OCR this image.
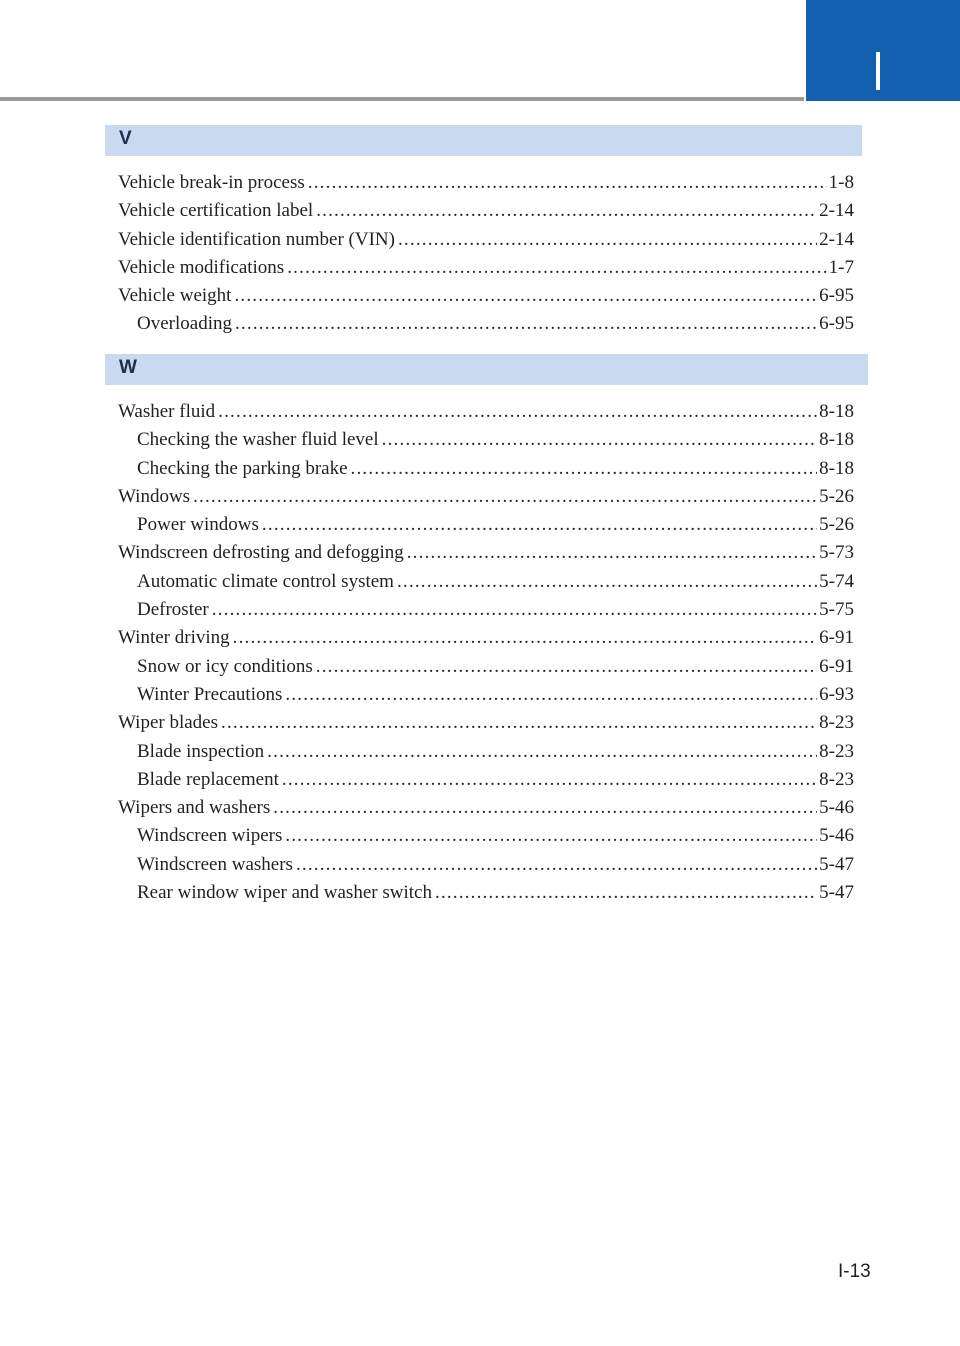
V
Vehicle break-in process .....	1-8
Vehicle certification label .....	2-14
Vehicle identification number (VIN) .....	2-14
Vehicle modifications .....	1-7
Vehicle weight .....	6-95
Overloading .....	6-95
W
Washer fluid .....	8-18
Checking the washer fluid level .....	8-18
Checking the parking brake .....	8-18
Windows .....	5-26
Power windows .....	5-26
Windscreen defrosting and defogging .....	5-73
Automatic climate control system .....	5-74
Defroster .....	5-75
Winter driving .....	6-91
Snow or icy conditions .....	6-91
Winter Precautions .....	6-93
Wiper blades .....	8-23
Blade inspection .....	8-23
Blade replacement .....	8-23
Wipers and washers .....	5-46
Windscreen wipers .....	5-46
Windscreen washers .....	5-47
Rear window wiper and washer switch .....	5-47
I-13
